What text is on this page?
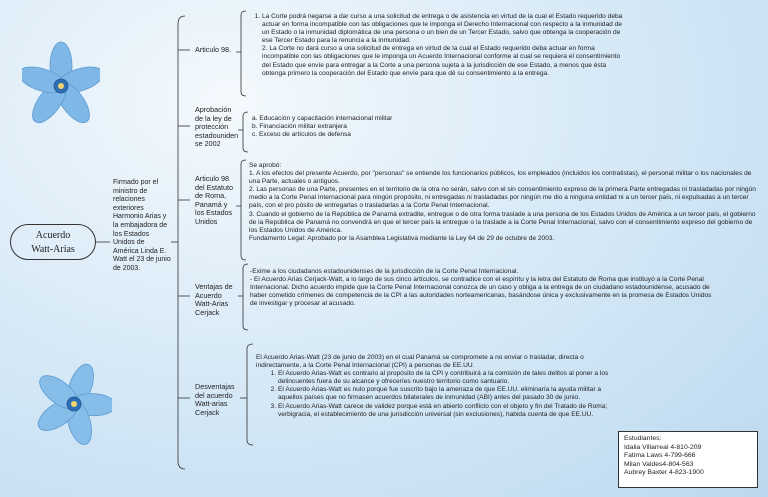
Acuerdo
Watt-Arias
Firmado por el ministro de relaciones exteriores Harmonio Arias y la embajadora de los Estados Unidos de América Linda E. Watt el 23 de junio de 2003.
Articulo 98.
Aprobación de la ley de protección estadouniden se 2002
Articulo 98 del Estatuto de Roma, Panamá y los Estados Unidos
Ventajas de Acuerdo Watt-Arias Cerjack
Desventajas del acuerdo Watt-arias Cerjack
1. La Corte podrá negarse a dar curso a una solicitud de entrega o de asistencia en virtud de la cual el Estado requerido deba actuar en forma incompatible con las obligaciones que le imponga el Derecho Internacional con respecto a la inmunidad de un Estado o la inmunidad diplomática de una persona o un bien de un Tercer Estado, salvo que obtenga la cooperación de ese Tercer Estado para la renuncia a la inmunidad.
2. La Corte no dará curso a una solicitud de entrega en virtud de la cual el Estado requerido deba actuar en forma incompatible con las obligaciones que le imponga un Acuerdo Internacional conforme al cual se requiera el consentimiento del Estado que envíe para entregar a la Corte a una persona sujeta a la jurisdicción de ese Estado, a menos que ésta obtenga primero la cooperación del Estado que envíe para que dé su consentimiento a la entrega.
a. Educación y capacitación internacional militar
b. Financiación militar extranjera
c. Exceso de artículos de defensa
Se aprobó:
1. A los efectos del presente Acuerdo, por "personas" se entiende los funcionarios públicos, los empleados (incluidos los contratistas), el personal militar o los nacionales de una Parte, actuales o antiguos.
2. Las personas de una Parte, presentes en el territorio de la otra no serán, salvo con el sin consentimiento expreso de la primera Parte entregadas ni trasladadas por ningún medio a la Corte Penal Internacional para ningún propósito, ni entregadas ni trasladadas por ningún me dio a ninguna entidad ni a un tercer país, ni expulsadas a un tercer país, con el pro pósito de entregarlas o trasladarlas a la Corte Penal Internacional.
3. Cuando el gobierno de la República de Panamá extradite, entregue o de otra forma traslade a una persona de los Estados Unidos de América a un tercer país, el gobierno de la República de Panamá no convendrá en que el tercer país la entregue o la traslade a la Corte Penal Internacional, salvo con el consentimiento expreso del gobierno de los Estados Unidos de América.
Fundamento Legal: Aprobado por la Asamblea Legislativa mediante la Ley 64 de 29 de octubre de 2003.
-Exime a los ciudadanos estadounidenses de la jurisdicción de la Corte Penal Internacional.
- El Acuerdo Arias Cerjack-Watt, a lo largo de sus cinco artículos, se contradice con el espíritu y la letra del Estatuto de Roma que instituyó a la Corte Penal Internacional. Dicho acuerdo impide que la Corte Penal Internacional conozca de un caso y obliga a la entrega de un ciudadano estadounidense, acusado de haber cometido crímenes de competencia de la CPI a las autoridades norteamericanas, basándose única y exclusivamente en la promesa de Estados Unidos de investigar y procesar al acusado.
El Acuerdo Arias-Watt (23 de junio de 2003) en el cual Panamá se compromete a no enviar o trasladar, directa o indirectamente, a la Corte Penal Internacional (CPI) a personas de EE.UU.
1. El Acuerdo Arias-Watt es contrario al propósito de la CPI y contribuirá a la comisión de tales delitos al poner a los delincuentes fuera de su alcance y ofreceríes nuestro territorio como santuario.
2. El Acuerdo Arias-Watt es nulo porque fue suscrito bajo la amenaza de que EE.UU. eliminaría la ayuda militar a aquellos países que no firmasen acuerdos bilaterales de inmunidad (ABI) antes del pasado 30 de junio.
3. El Acuerdo Arias-Watt carece de validez porque está en abierto conflicto con el objeto y fin del Tratado de Roma; verbigracia, el establecimiento de una jurisdicción universal (sin exclusiones), habida cuenta de que EE.UU.
Estudiantes:
Idalia Villarreal 4-810-209
Fatima Laws 4-799-666
Milan Valdes4-804-563
Aubrey Baxter 4-823-1900
